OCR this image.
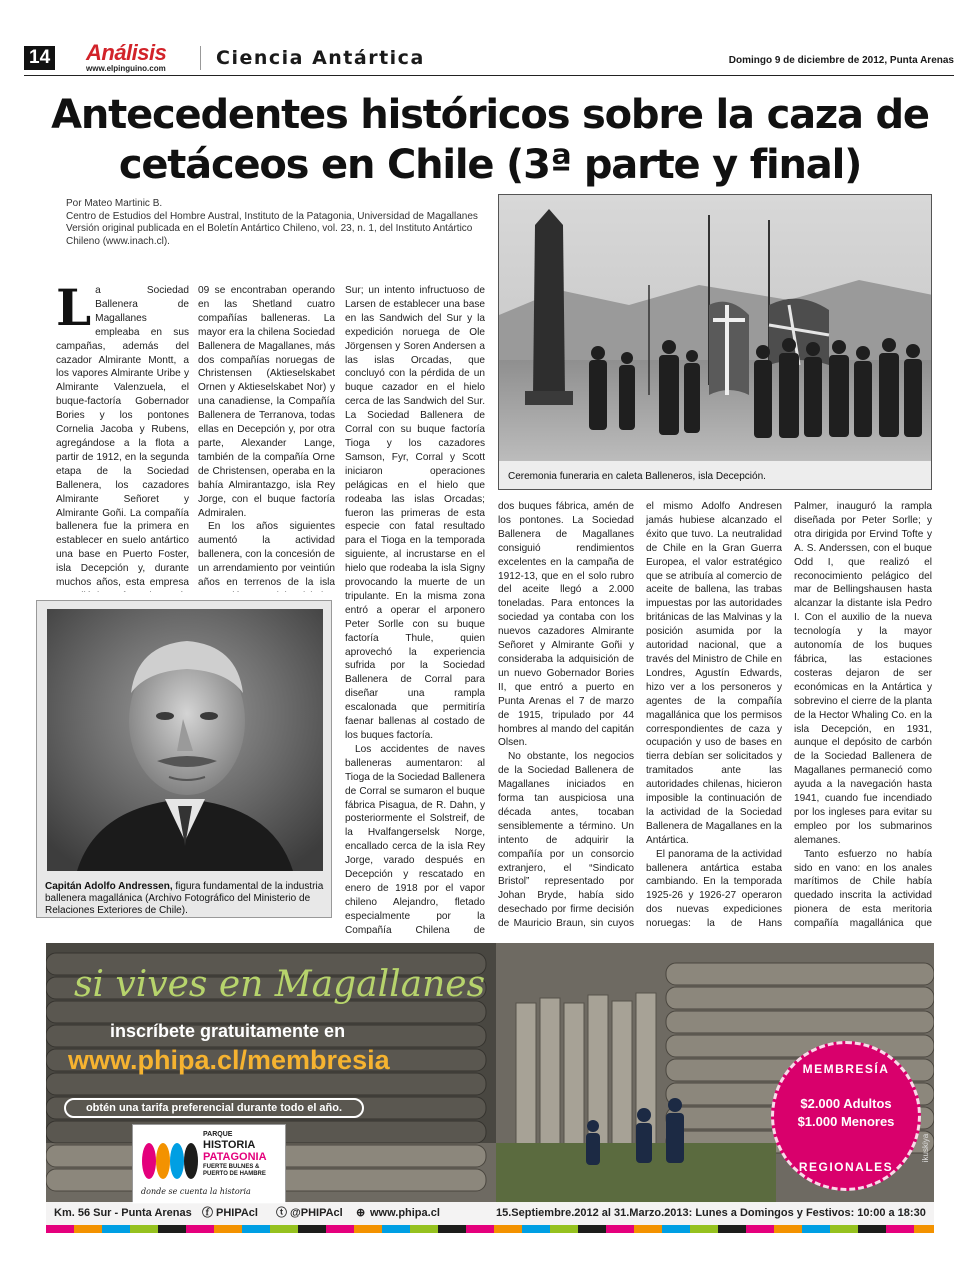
14 Análisis
www.elpinguino.com	Ciencia Antártica	Domingo 9 de diciembre de 2012, Punta Arenas
Antecedentes históricos sobre la caza de cetáceos en Chile (3ª parte y final)
Por Mateo Martinic B.
Centro de Estudios del Hombre Austral, Instituto de la Patagonia, Universidad de Magallanes
Versión original publicada en el Boletín Antártico Chileno, vol. 23, n. 1, del Instituto Antártico Chileno (www.inach.cl).
Ceremonia funeraria en caleta Balleneros, isla Decepción.

La Sociedad Ballenera de Magallanes empleaba en sus campañas, además del cazador Almirante Montt, a los vapores Almirante Uribe y Almirante Valenzuela, el buque-factoría Gobernador Bories y los pontones Cornelia Jacoba y Rubens, agregándose a la flota a partir de 1912, en la segunda etapa de la Sociedad Ballenera, los cazadores Almirante Señoret y Almirante Goñi. La compañía ballenera fue la primera en establecer en suelo antártico una base en Puerto Foster, isla Decepción y, durante muchos años, esta empresa

09 se encontraban operando en las Shetland cuatro compañías balleneras. La mayor era la chilena Sociedad Ballenera de Magallanes, más dos compañías noruegas de Christensen (Aktieselskabet Ornen y Aktieselskabet Nor) y una canadiense, la Compañía Ballenera de Terranova, todas ellas en Decepción y, por otra parte, Alexander Lange, también de la compañía Orne de Christensen, operaba en la bahía Almirantazgo, isla Rey Jorge, con el buque factoría Admiralen.

En los años siguientes aumentó la actividad ballenera, con la concesión de un arrendamiento por veintiún años en terrenos de la isla

Sur; un intento infructuoso de Larsen de establecer una base en las Sandwich del Sur y la expedición noruega de Ole Jörgensen y Soren Andersen a las islas Orcadas, que concluyó con la pérdida de un buque cazador en el hielo cerca de las Sandwich del Sur. La Sociedad Ballenera de Corral con su buque factoría Tioga y los cazadores Samson, Fyr, Corral y Scott iniciaron operaciones pelágicas en el hielo que rodeaba las islas Orcadas; fueron las primeras de esta especie con fatal resultado para el Tioga en la temporada siguiente, al incrustarse en el hielo que rodeaba la isla Signy provocando la muerte de un tripulante. En la misma zona entró a operar el arponero Peter Sorlle con su buque factoría Thule, quien aprovechó la experiencia sufrida por la Sociedad Ballenera de Corral para diseñar una rampla escalonada que permitiría faenar ballenas al costado de los buques factoría.

Los accidentes de naves balleneras aumentaron: al Tioga de la Sociedad Ballenera de Corral se sumaron el buque fábrica Pisagua, de R. Dahn, y posteriormente el Solstreif, de la Hvalfangerselsk Norge, encallado cerca de la isla Rey Jorge, varado después en Decepción y rescatado en enero de 1918 por el vapor chileno Alejandro, fletado especialmente por la Compañía Chilena de

dos buques fábrica, amén de los pontones. La Sociedad Ballenera de Magallanes consiguió rendimientos excelentes en la campaña de 1912-13, que en el solo rubro del aceite llegó a 2.000 toneladas. Para entonces la sociedad ya contaba con los nuevos cazadores Almirante Señoret y Almirante Goñi y consideraba la adquisición de un nuevo Gobernador Bories II, que entró a puerto en Punta Arenas el 7 de marzo de 1915, tripulado por 44 hombres al mando del capitán Olsen.

No obstante, los negocios de la Sociedad Ballenera de Magallanes iniciados en forma tan auspiciosa una década antes, tocaban sensiblemente a término. Un intento de adquirir la compañía por un consorcio extranjero, el “Sindicato Bristol” representado por Johan Bryde, había sido desechado por firme decisión de Mauricio Braun, sin cuyos

el mismo Adolfo Andresen jamás hubiese alcanzado el éxito que tuvo. La neutralidad de Chile en la Gran Guerra Europea, el valor estratégico que se atribuía al comercio de aceite de ballena, las trabas impuestas por las autoridades británicas de las Malvinas y la posición asumida por la autoridad nacional, que a través del Ministro de Chile en Londres, Agustín Edwards, hizo ver a los personeros y agentes de la compañía magallánica que los permisos correspondientes de caza y ocupación y uso de bases en tierra debían ser solicitados y tramitados ante las autoridades chilenas, hicieron imposible la continuación de la actividad de la Sociedad Ballenera de Magallanes en la Antártica.

El panorama de la actividad ballenera antártica estaba cambiando. En la temporada 1925-26 y 1926-27 operaron dos nuevas expediciones noruegas: la de Hans

Palmer, inauguró la rampla diseñada por Peter Sorlle; y otra dirigida por Ervind Tofte y A. S. Anderssen, con el buque Odd I, que realizó el reconocimiento pelágico del mar de Bellingshausen hasta alcanzar la distante isla Pedro I. Con el auxilio de la nueva tecnología y la mayor autonomía de los buques fábrica, las estaciones costeras dejaron de ser económicas en la Antártica y sobrevino el cierre de la planta de la Hector Whaling Co. en la isla Decepción, en 1931, aunque el depósito de carbón de la Sociedad Ballenera de Magallanes permaneció como ayuda a la navegación hasta 1941, cuando fue incendiado por los ingleses para evitar su empleo por los submarinos alemanes.

Tanto esfuerzo no había sido en vano: en los anales marítimos de Chile había quedado inscrita la actividad pionera de esta meritoria compañía magallánica que

Capitán Adolfo Andressen, figura fundamental de la industria ballenera magallánica (Archivo Fotográfico del Ministerio de Relaciones Exteriores de Chile).
si vives en Magallanes
inscríbete gratuitamente en
www.phipa.cl/membresia
obtén una tarifa preferencial durante todo el año.
PARQUE
HISTORIA
PATAGONIA
FUERTE BULNES &
PUERTO DE HAMBRE
donde se cuenta la historia
MEMBRESÍA
$2.000 Adultos
$1.000 Menores
REGIONALES
ikuskiya
Km. 56 Sur - Punta Arenas ⓕ PHIPAcl ⓣ @PHIPAcl ⊕ www.phipa.cl	15.Septiembre.2012 al 31.Marzo.2013: Lunes a Domingos y Festivos: 10:00 a 18:30
